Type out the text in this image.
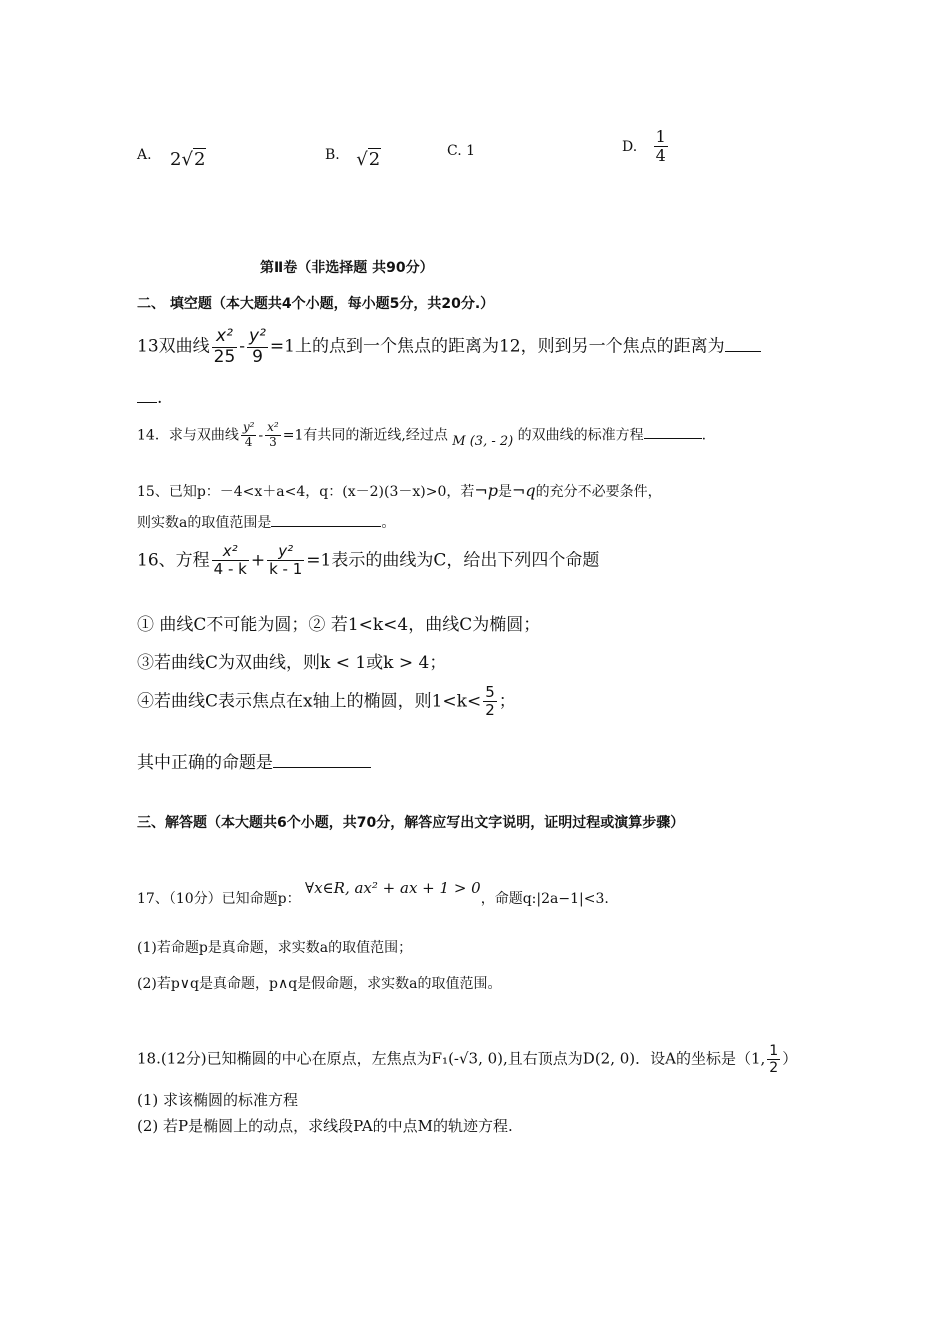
A. 2√2	B. √2	C. 1	D. $\frac{1}{4}$
第Ⅱ卷（非选择题 共90分）
二、 填空题（本大题共4个小题，每小题5分，共20分.）
13双曲线 $\frac{\text{x²}}{25} - \frac{\text{y²}}{9} =1$上的点到一个焦点的距离为12，则到另一个焦点的距离为
.
14．求与双曲线 $\frac{\text{y²}}{4} - \frac{\text{x²}}{3} =1$有共同的渐近线,经过点 M (3, - 2) 的双曲线的标准方程	.
15、已知p：－4<x＋a<4，q：(x－2)(3－x)>0，若¬p是¬q的充分不必要条件，
则实数a的取值范围是	。
16、方程 $\frac{\text{x²}}{4 - k} + \frac{\text{y²}}{k - 1} =1$表示的曲线为C，给出下列四个命题
① 曲线C不可能为圆；② 若1<k<4，曲线C为椭圆；
③若曲线C为双曲线，则k < 1或k > 4；
④若曲线C表示焦点在x轴上的椭圆，则$1<k< \frac{5}{2}$ ；
其中正确的命题是
三、解答题（本大题共6个小题，共70分，解答应写出文字说明，证明过程或演算步骤）
17、（10分）已知命题p： ∀x∈R, ax² + ax + 1 > 0，命题q:|2a−1|<3.
(1)若命题p是真命题，求实数a的取值范围；
(2)若p∨q是真命题，p∧q是假命题，求实数a的取值范围。
18.(12分)已知椭圆的中心在原点，左焦点为F₁(-√3, 0),且右顶点为D(2, 0)．设A的坐标是（1, $\frac{1}{2}$ ）
(1) 求该椭圆的标准方程
(2) 若P是椭圆上的动点，求线段PA的中点M的轨迹方程.
